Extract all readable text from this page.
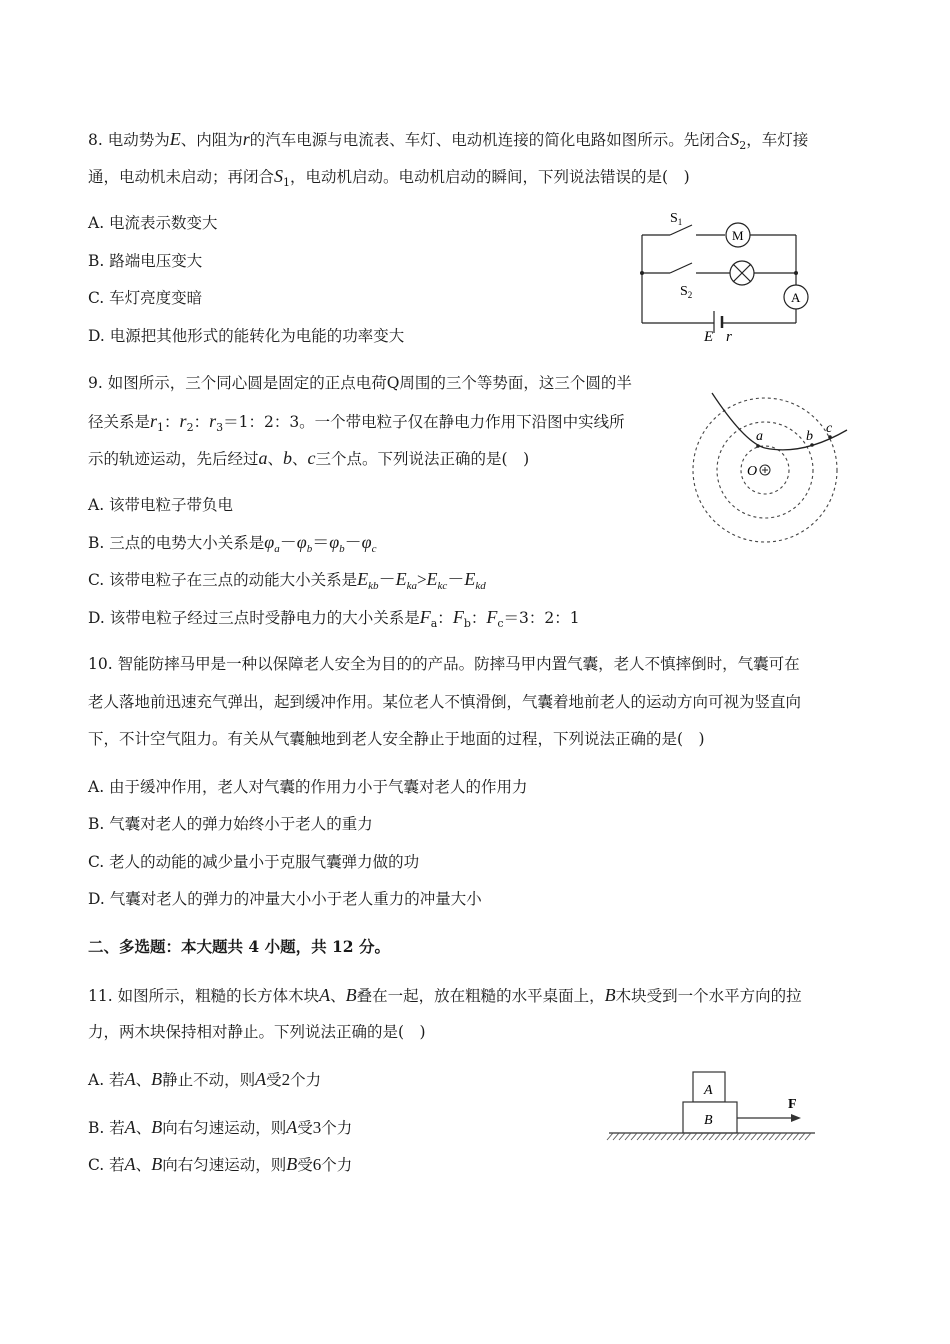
8. 电动势为E、内阻为r的汽车电源与电流表、车灯、电动机连接的简化电路如图所示。先闭合$S_2$，车灯接
通，电动机未启动；再闭合$S_1$，电动机启动。电动机启动的瞬间，下列说法错误的是(　)
A. 电流表示数变大
B. 路端电压变大
C. 车灯亮度变暗
D. 电源把其他形式的能转化为电能的功率变大
$S_1$
$S_2$
M
A
E r
9. 如图所示，三个同心圆是固定的正点电荷Q周围的三个等势面，这三个圆的半
径关系是$r_1$：$r_2$：$r_3=1$：2：3。一个带电粒子仅在静电力作用下沿图中实线所
示的轨迹运动，先后经过a、b、c三个点。下列说法正确的是(　)
A. 该带电粒子带负电
B. 三点的电势大小关系是$\varphi_a-\varphi_b=\varphi_b-\varphi_c$
C. 该带电粒子在三点的动能大小关系是$E_{kb}-E_{ka}>E_{kc}-E_{kd}$
D. 该带电粒子经过三点时受静电力的大小关系是$F_a$：$F_b$：$F_c=3$：2：1
a	b
c
O
10. 智能防摔马甲是一种以保障老人安全为目的的产品。防摔马甲内置气囊，老人不慎摔倒时，气囊可在
老人落地前迅速充气弹出，起到缓冲作用。某位老人不慎滑倒，气囊着地前老人的运动方向可视为竖直向
下，不计空气阻力。有关从气囊触地到老人安全静止于地面的过程，下列说法正确的是(　)
A. 由于缓冲作用，老人对气囊的作用力小于气囊对老人的作用力
B. 气囊对老人的弹力始终小于老人的重力
C. 老人的动能的减少量小于克服气囊弹力做的功
D. 气囊对老人的弹力的冲量大小小于老人重力的冲量大小
二、多选题：本大题共 4 小题，共 12 分。
11. 如图所示，粗糙的长方体木块A、B叠在一起，放在粗糙的水平桌面上，B木块受到一个水平方向的拉
力，两木块保持相对静止。下列说法正确的是(　)
A. 若A、B静止不动，则A受2个力
B. 若A、B向右匀速运动，则A受3个力
C. 若A、B向右匀速运动，则B受6个力
A
B
F
